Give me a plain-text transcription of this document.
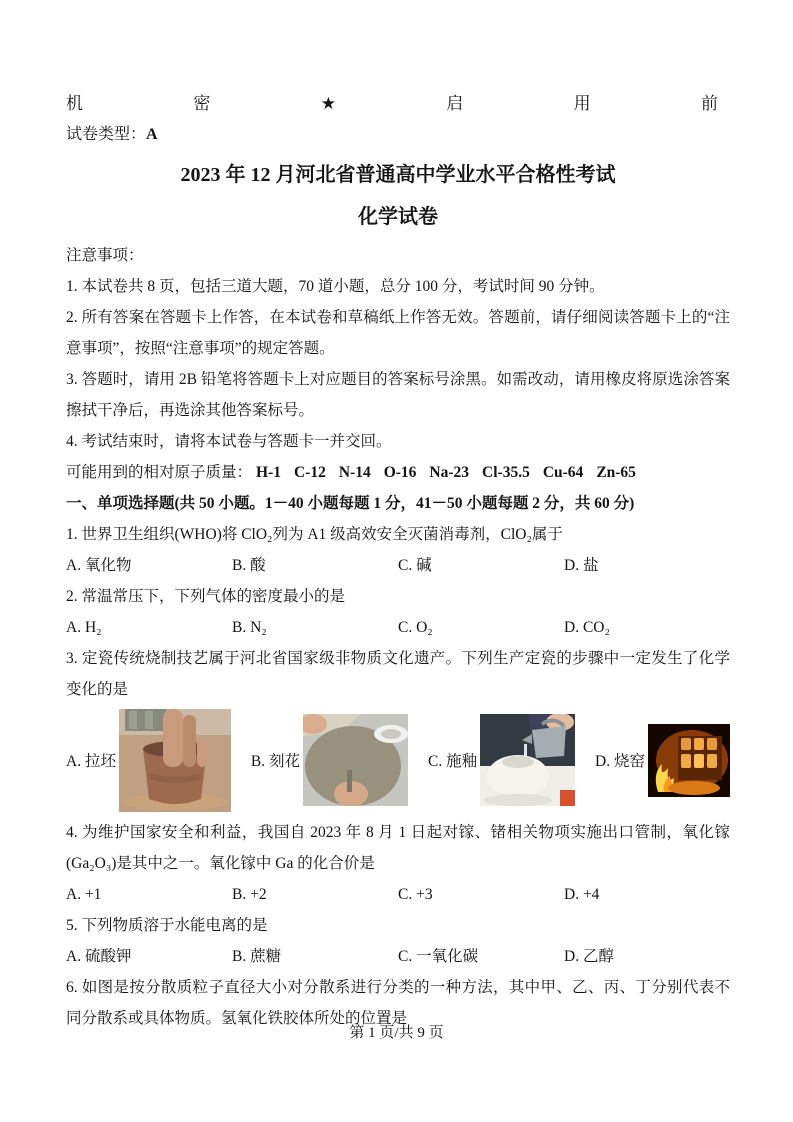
机	密	★	启	用	前
试卷类型：A
2023 年 12 月河北省普通高中学业水平合格性考试
化学试卷
注意事项：

1. 本试卷共 8 页，包括三道大题，70 道小题，总分 100 分，考试时间 90 分钟。

2. 所有答案在答题卡上作答，在本试卷和草稿纸上作答无效。答题前，请仔细阅读答题卡上的“注意事项”，按照“注意事项”的规定答题。

3. 答题时，请用 2B 铅笔将答题卡上对应题目的答案标号涂黑。如需改动，请用橡皮将原选涂答案擦拭干净后，再选涂其他答案标号。

4. 考试结束时，请将本试卷与答题卡一并交回。

可能用到的相对原子质量： H-1 C-12 N-14 O-16 Na-23 Cl-35.5 Cu-64 Zn-65

一、单项选择题(共 50 小题。1－40 小题每题 1 分，41－50 小题每题 2 分，共 60 分)

1. 世界卫生组织(WHO)将 ClO₂列为 A1 级高效安全灭菌消毒剂，ClO₂属于

A. 氧化物	B. 酸	C. 碱	D. 盐

2. 常温常压下，下列气体的密度最小的是

A. H₂	B. N₂	C. O₂	D. CO₂

3. 定瓷传统烧制技艺属于河北省国家级非物质文化遗产。下列生产定瓷的步骤中一定发生了化学变化的是

A. 拉坯	B. 刻花	C. 施釉	D. 烧窑

4. 为维护国家安全和利益，我国自 2023 年 8 月 1 日起对镓、锗相关物项实施出口管制，氧化镓(Ga₂O₃)是其中之一。氧化镓中 Ga 的化合价是

A. +1	B. +2	C. +3	D. +4

5. 下列物质溶于水能电离的是

A. 硫酸钾	B. 蔗糖	C. 一氧化碳	D. 乙醇

6. 如图是按分散质粒子直径大小对分散系进行分类的一种方法，其中甲、乙、丙、丁分别代表不同分散系或具体物质。氢氧化铁胶体所处的位置是

第 1 页/共 9 页
